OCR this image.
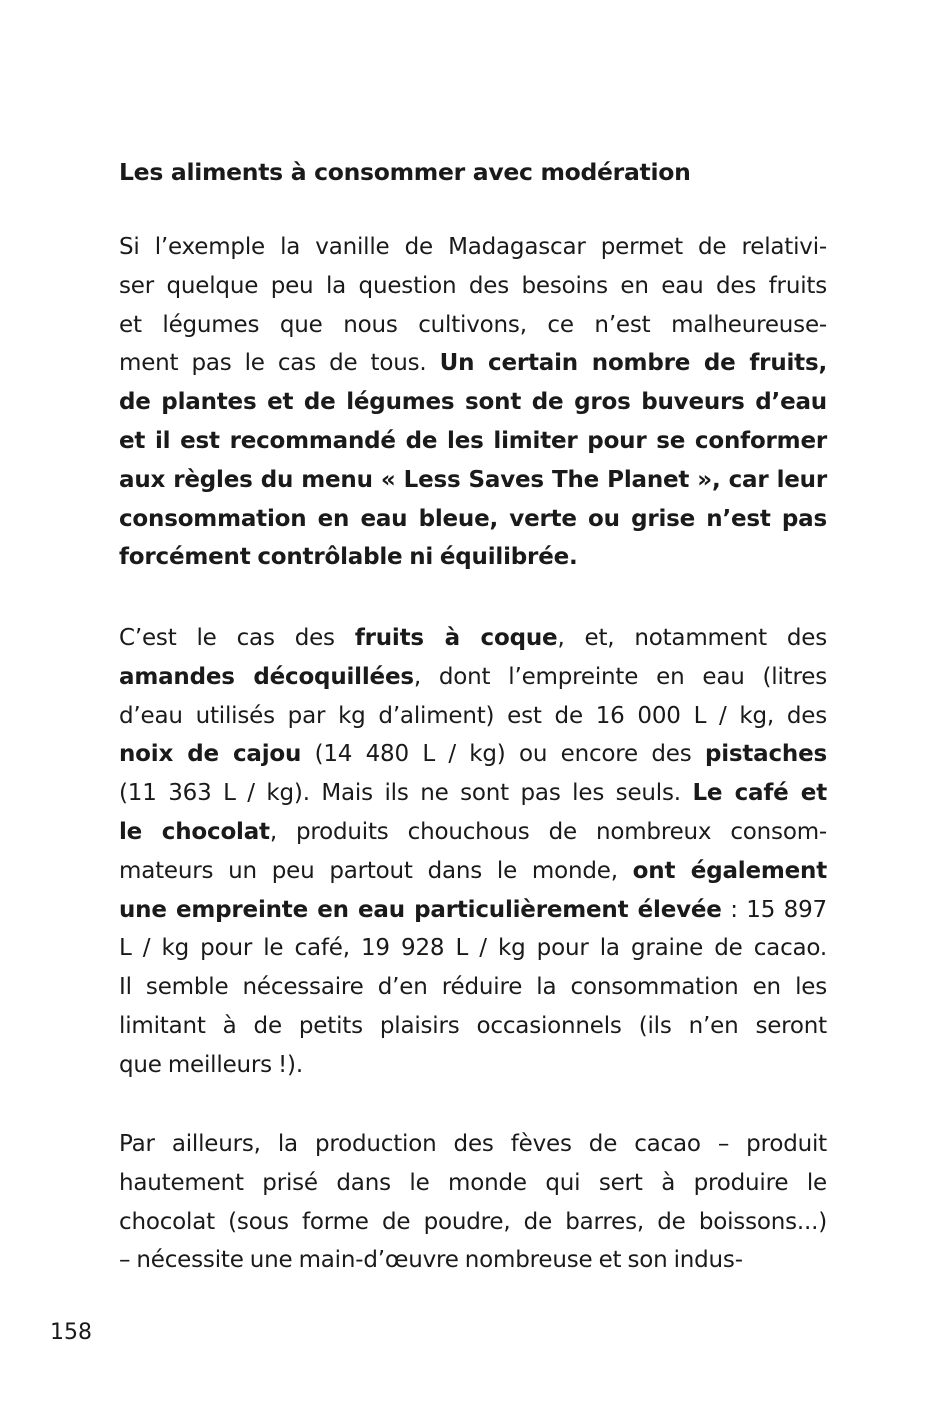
Les aliments à consommer avec modération
Si l’exemple la vanille de Madagascar permet de relativi-
ser quelque peu la question des besoins en eau des fruits
et légumes que nous cultivons, ce n’est malheureuse-
ment pas le cas de tous. Un certain nombre de fruits,
de plantes et de légumes sont de gros buveurs d’eau
et il est recommandé de les limiter pour se conformer
aux règles du menu « Less Saves The Planet », car leur
consommation en eau bleue, verte ou grise n’est pas
forcément contrôlable ni équilibrée.
C’est le cas des fruits à coque, et, notamment des
amandes décoquillées, dont l’empreinte en eau (litres
d’eau utilisés par kg d’aliment) est de 16 000 L / kg, des
noix de cajou (14 480 L / kg) ou encore des pistaches
(11 363 L / kg). Mais ils ne sont pas les seuls. Le café et
le chocolat, produits chouchous de nombreux consom-
mateurs un peu partout dans le monde, ont également
une empreinte en eau particulièrement élevée : 15 897
L / kg pour le café, 19 928 L / kg pour la graine de cacao.
Il semble nécessaire d’en réduire la consommation en les
limitant à de petits plaisirs occasionnels (ils n’en seront
que meilleurs !).
Par ailleurs, la production des fèves de cacao – produit
hautement prisé dans le monde qui sert à produire le
chocolat (sous forme de poudre, de barres, de boissons...)
– nécessite une main-d’œuvre nombreuse et son indus-
158
